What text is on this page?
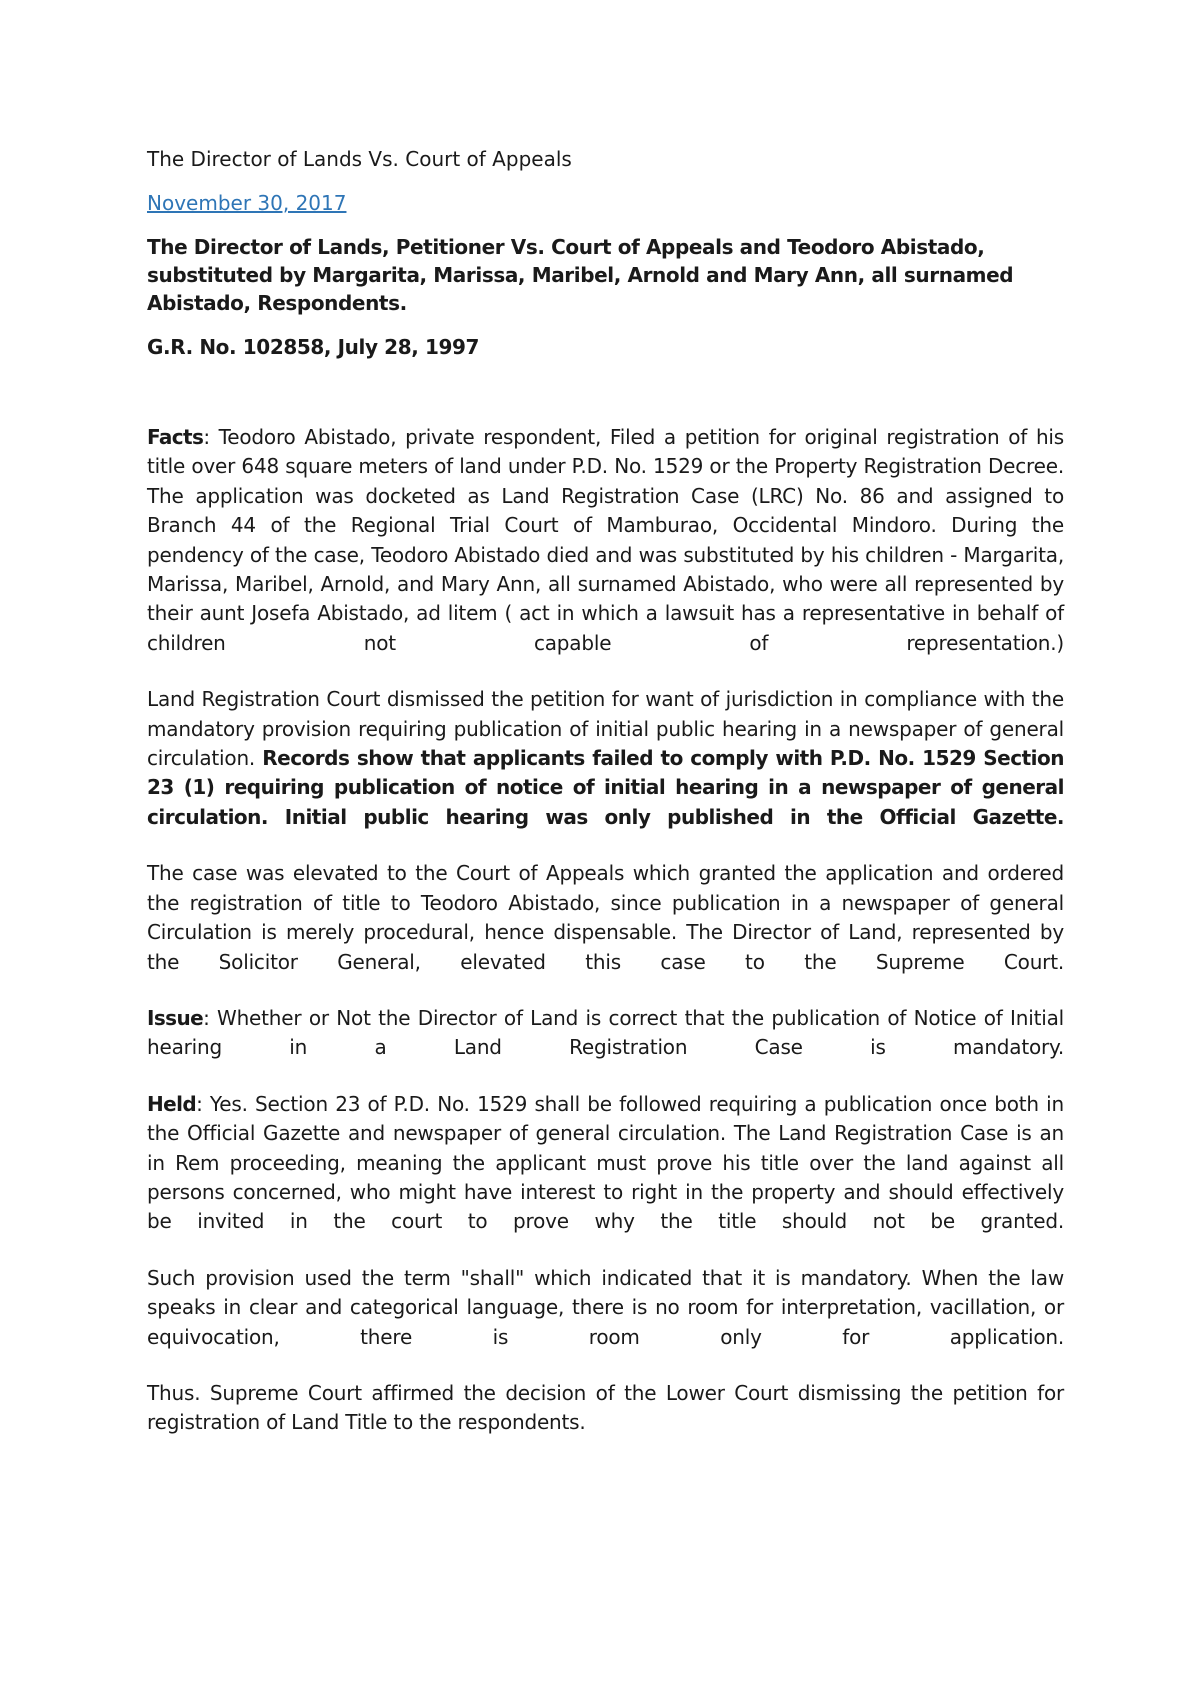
The Director of Lands Vs. Court of Appeals

November 30, 2017

The Director of Lands, Petitioner Vs. Court of Appeals and Teodoro Abistado, substituted by Margarita, Marissa, Maribel, Arnold and Mary Ann, all surnamed Abistado, Respondents.

G.R. No. 102858, July 28, 1997

Facts: Teodoro Abistado, private respondent, Filed a petition for original registration of his title over 648 square meters of land under P.D. No. 1529 or the Property Registration Decree. The application was docketed as Land Registration Case (LRC) No. 86 and assigned to Branch 44 of the Regional Trial Court of Mamburao, Occidental Mindoro. During the pendency of the case, Teodoro Abistado died and was substituted by his children - Margarita, Marissa, Maribel, Arnold, and Mary Ann, all surnamed Abistado, who were all represented by their aunt Josefa Abistado, ad litem ( act in which a lawsuit has a representative in behalf of children not capable of representation.)

Land Registration Court dismissed the petition for want of jurisdiction in compliance with the mandatory provision requiring publication of initial public hearing in a newspaper of general circulation. Records show that applicants failed to comply with P.D. No. 1529 Section 23 (1) requiring publication of notice of initial hearing in a newspaper of general circulation. Initial public hearing was only published in the Official Gazette.

The case was elevated to the Court of Appeals which granted the application and ordered the registration of title to Teodoro Abistado, since publication in a newspaper of general Circulation is merely procedural, hence dispensable. The Director of Land, represented by the Solicitor General, elevated this case to the Supreme Court.

Issue: Whether or Not the Director of Land is correct that the publication of Notice of Initial hearing in a Land Registration Case is mandatory.

Held: Yes. Section 23 of P.D. No. 1529 shall be followed requiring a publication once both in the Official Gazette and newspaper of general circulation. The Land Registration Case is an in Rem proceeding, meaning the applicant must prove his title over the land against all persons concerned, who might have interest to right in the property and should effectively be invited in the court to prove why the title should not be granted.

Such provision used the term "shall" which indicated that it is mandatory. When the law speaks in clear and categorical language, there is no room for interpretation, vacillation, or equivocation, there is room only for application.

Thus. Supreme Court affirmed the decision of the Lower Court dismissing the petition for registration of Land Title to the respondents.
